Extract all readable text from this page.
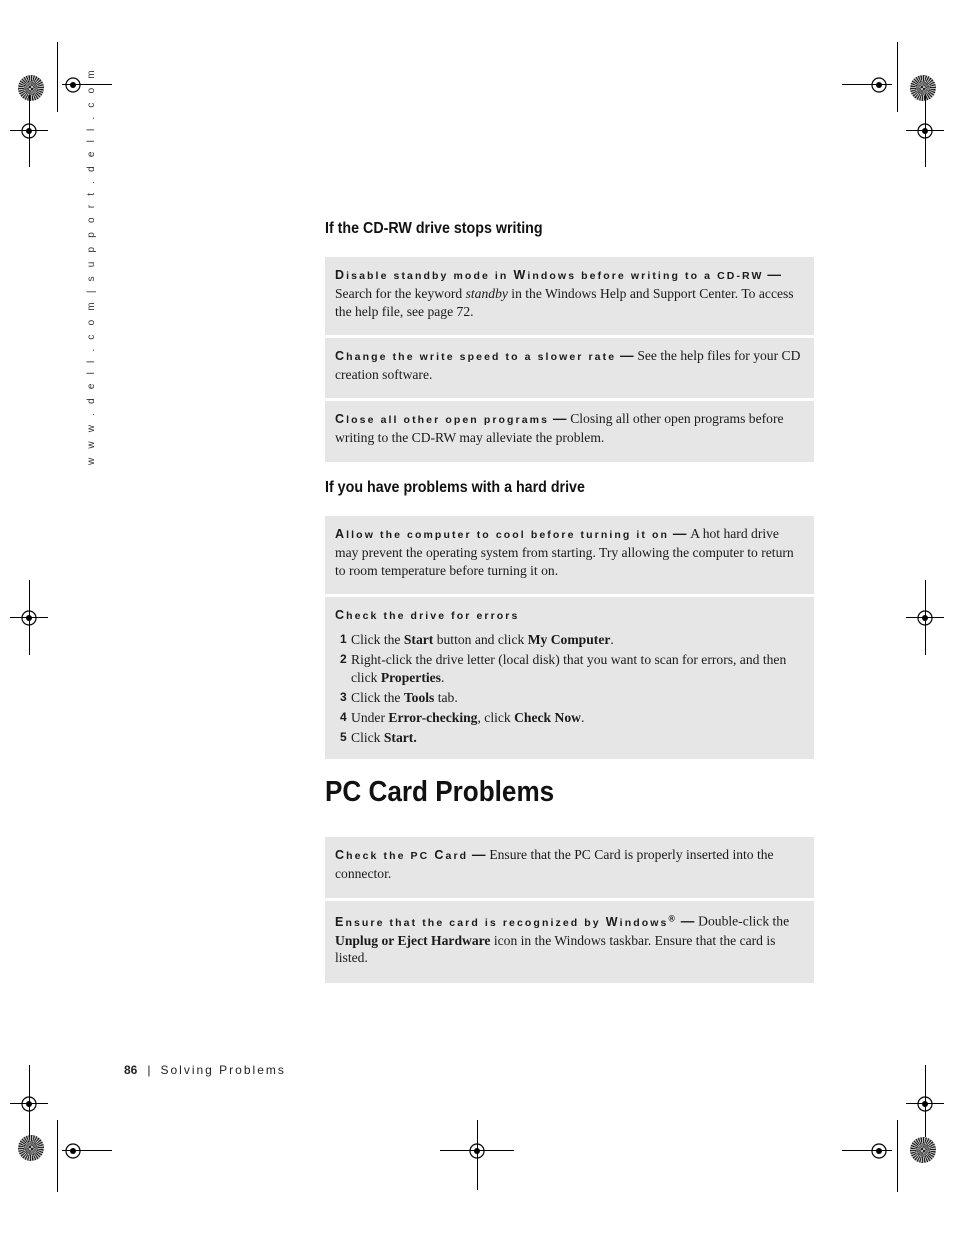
w w w . d e l l . c o m | s u p p o r t . d e l l . c o m	If the CD-RW drive stops writing
Disable standby mode in Windows before writing to a CD-RW — Search for the keyword standby in the Windows Help and Support Center. To access the help file, see page 72.
Change the write speed to a slower rate — See the help files for your CD creation software.
Close all other open programs — Closing all other open programs before writing to the CD-RW may alleviate the problem.
If you have problems with a hard drive
Allow the computer to cool before turning it on — A hot hard drive may prevent the operating system from starting. Try allowing the computer to return to room temperature before turning it on.
Check the drive for errors
1 Click the Start button and click My Computer.
2 Right-click the drive letter (local disk) that you want to scan for errors, and then click Properties.
3 Click the Tools tab.
4 Under Error-checking, click Check Now.
5 Click Start.
PC Card Problems
Check the PC Card — Ensure that the PC Card is properly inserted into the connector.
Ensure that the card is recognized by Windows® — Double-click the Unplug or Eject Hardware icon in the Windows taskbar. Ensure that the card is listed.
86 | Solving Problems
